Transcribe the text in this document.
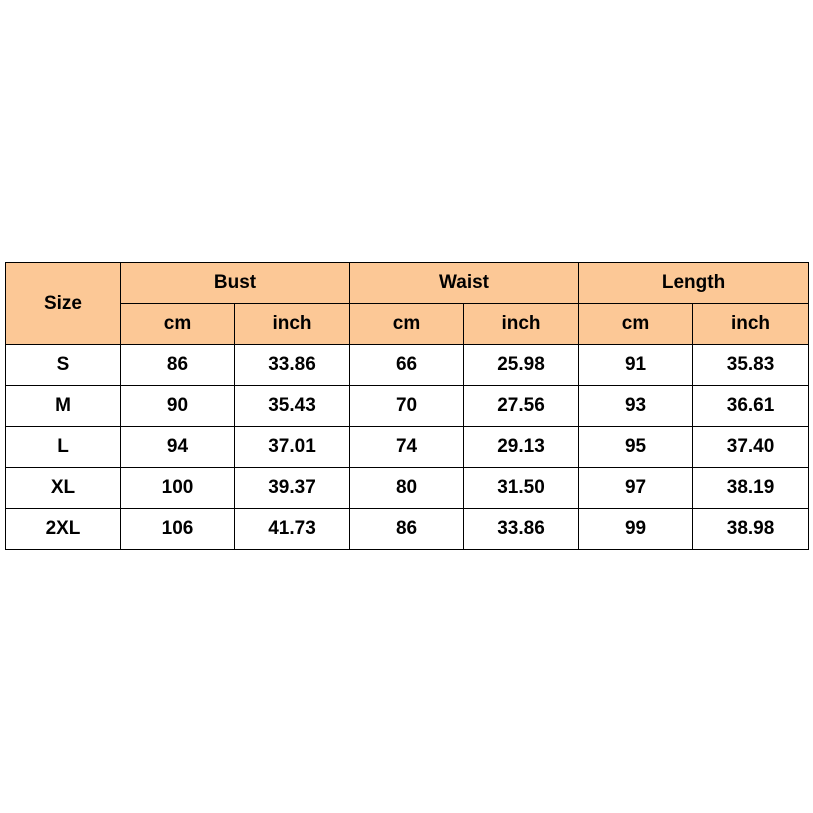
Size	Bust		Waist		Length	
	cm	inch	cm	inch	cm	inch
S	86	33.86	66	25.98	91	35.83
M	90	35.43	70	27.56	93	36.61
L	94	37.01	74	29.13	95	37.40
XL	100	39.37	80	31.50	97	38.19
2XL	106	41.73	86	33.86	99	38.98
